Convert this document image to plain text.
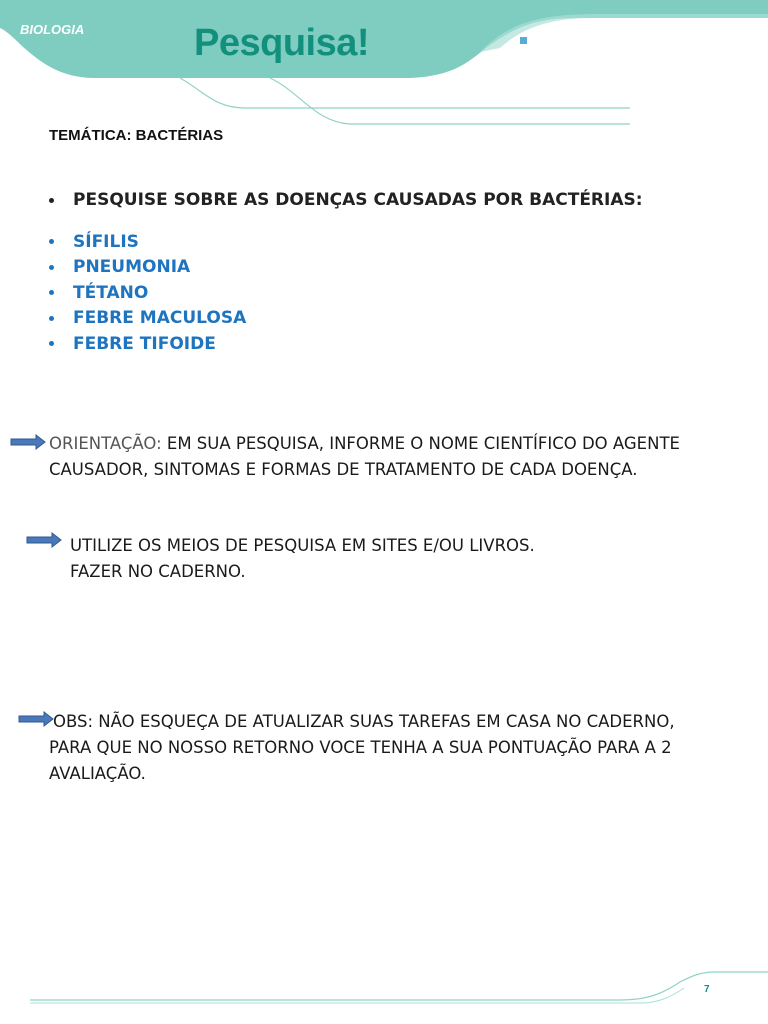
BIOLOGIA	Pesquisa!	PROFESSORA: ANA CERES
TEMÁTICA: BACTÉRIAS
PESQUISE SOBRE AS DOENÇAS CAUSADAS POR BACTÉRIAS:
SÍFILIS
PNEUMONIA
TÉTANO
FEBRE MACULOSA
FEBRE TIFOIDE

ORIENTAÇÃO: EM SUA PESQUISA, INFORME O NOME CIENTÍFICO DO AGENTE
CAUSADOR, SINTOMAS E FORMAS DE TRATAMENTO DE CADA DOENÇA.

UTILIZE OS MEIOS DE PESQUISA EM SITES E/OU LIVROS.
FAZER NO CADERNO.

OBS: NÃO ESQUEÇA DE ATUALIZAR SUAS TAREFAS EM CASA NO CADERNO,
PARA QUE NO NOSSO RETORNO VOCE TENHA A SUA PONTUAÇÃO PARA A 2
AVALIAÇÃO.

7
